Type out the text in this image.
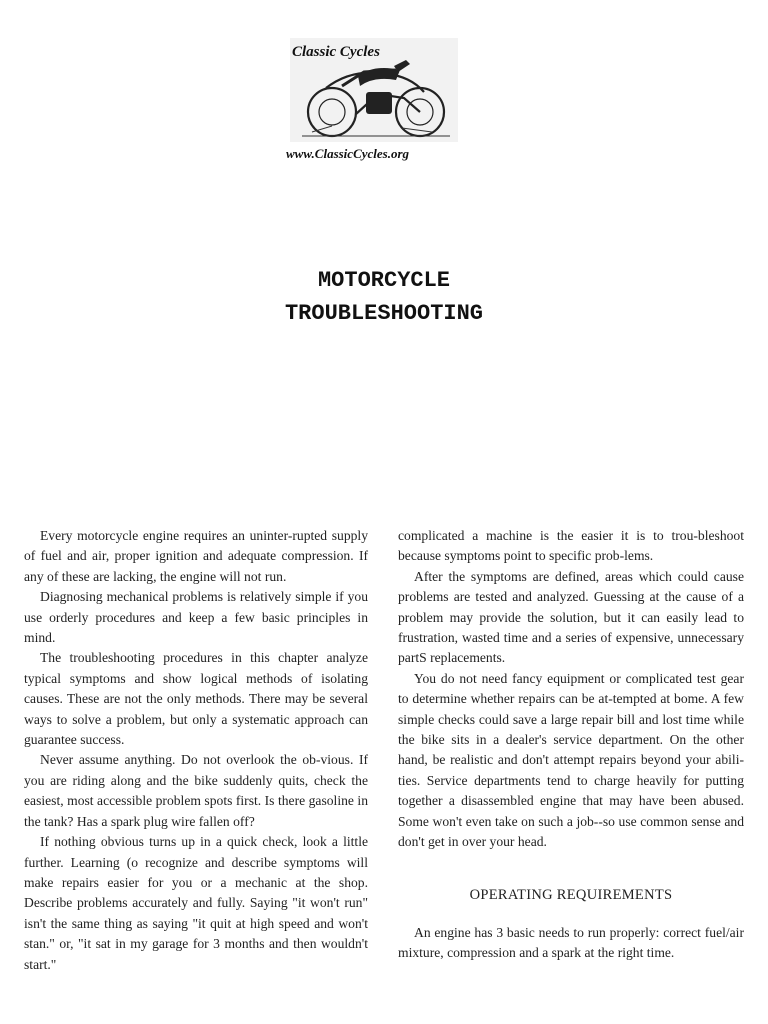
Classic Cycles
www.ClassicCycles.org
MOTORCYCLE
TROUBLESHOOTING

Every motorcycle engine requires an uninter-rupted supply of fuel and air, proper ignition and adequate compression. If any of these are lacking, the engine will not run.

Diagnosing mechanical problems is relatively simple if you use orderly procedures and keep a few basic principles in mind.

The troubleshooting procedures in this chapter analyze typical symptoms and show logical methods of isolating causes. These are not the only methods. There may be several ways to solve a problem, but only a systematic approach can guarantee success.

Never assume anything. Do not overlook the ob-vious. If you are riding along and the bike suddenly quits, check the easiest, most accessible problem spots first. Is there gasoline in the tank? Has a spark plug wire fallen off?

If nothing obvious turns up in a quick check, look a little further. Learning (o recognize and describe symptoms will make repairs easier for you or a mechanic at the shop. Describe problems accurately and fully. Saying "it won't run" isn't the same thing as saying "it quit at high speed and won't stan." or, "it sat in my garage for 3 months and then wouldn't start."

complicated a machine is the easier it is to trou-bleshoot because symptoms point to specific prob-lems.

After the symptoms are defined, areas which could cause problems are tested and analyzed. Guessing at the cause of a problem may provide the solution, but it can easily lead to frustration, wasted time and a series of expensive, unnecessary partS replacements.

You do not need fancy equipment or complicated test gear to determine whether repairs can be at-tempted at bome. A few simple checks could save a large repair bill and lost time while the bike sits in a dealer's service department. On the other hand, be realistic and don't attempt repairs beyond your abili-ties. Service departments tend to charge heavily for putting together a disassembled engine that may have been abused. Some won't even take on such a job--so use common sense and don't get in over your head.

OPERATING REQUIREMENTS

An engine has 3 basic needs to run properly: correct fuel/air mixture, compression and a spark at the right time.
